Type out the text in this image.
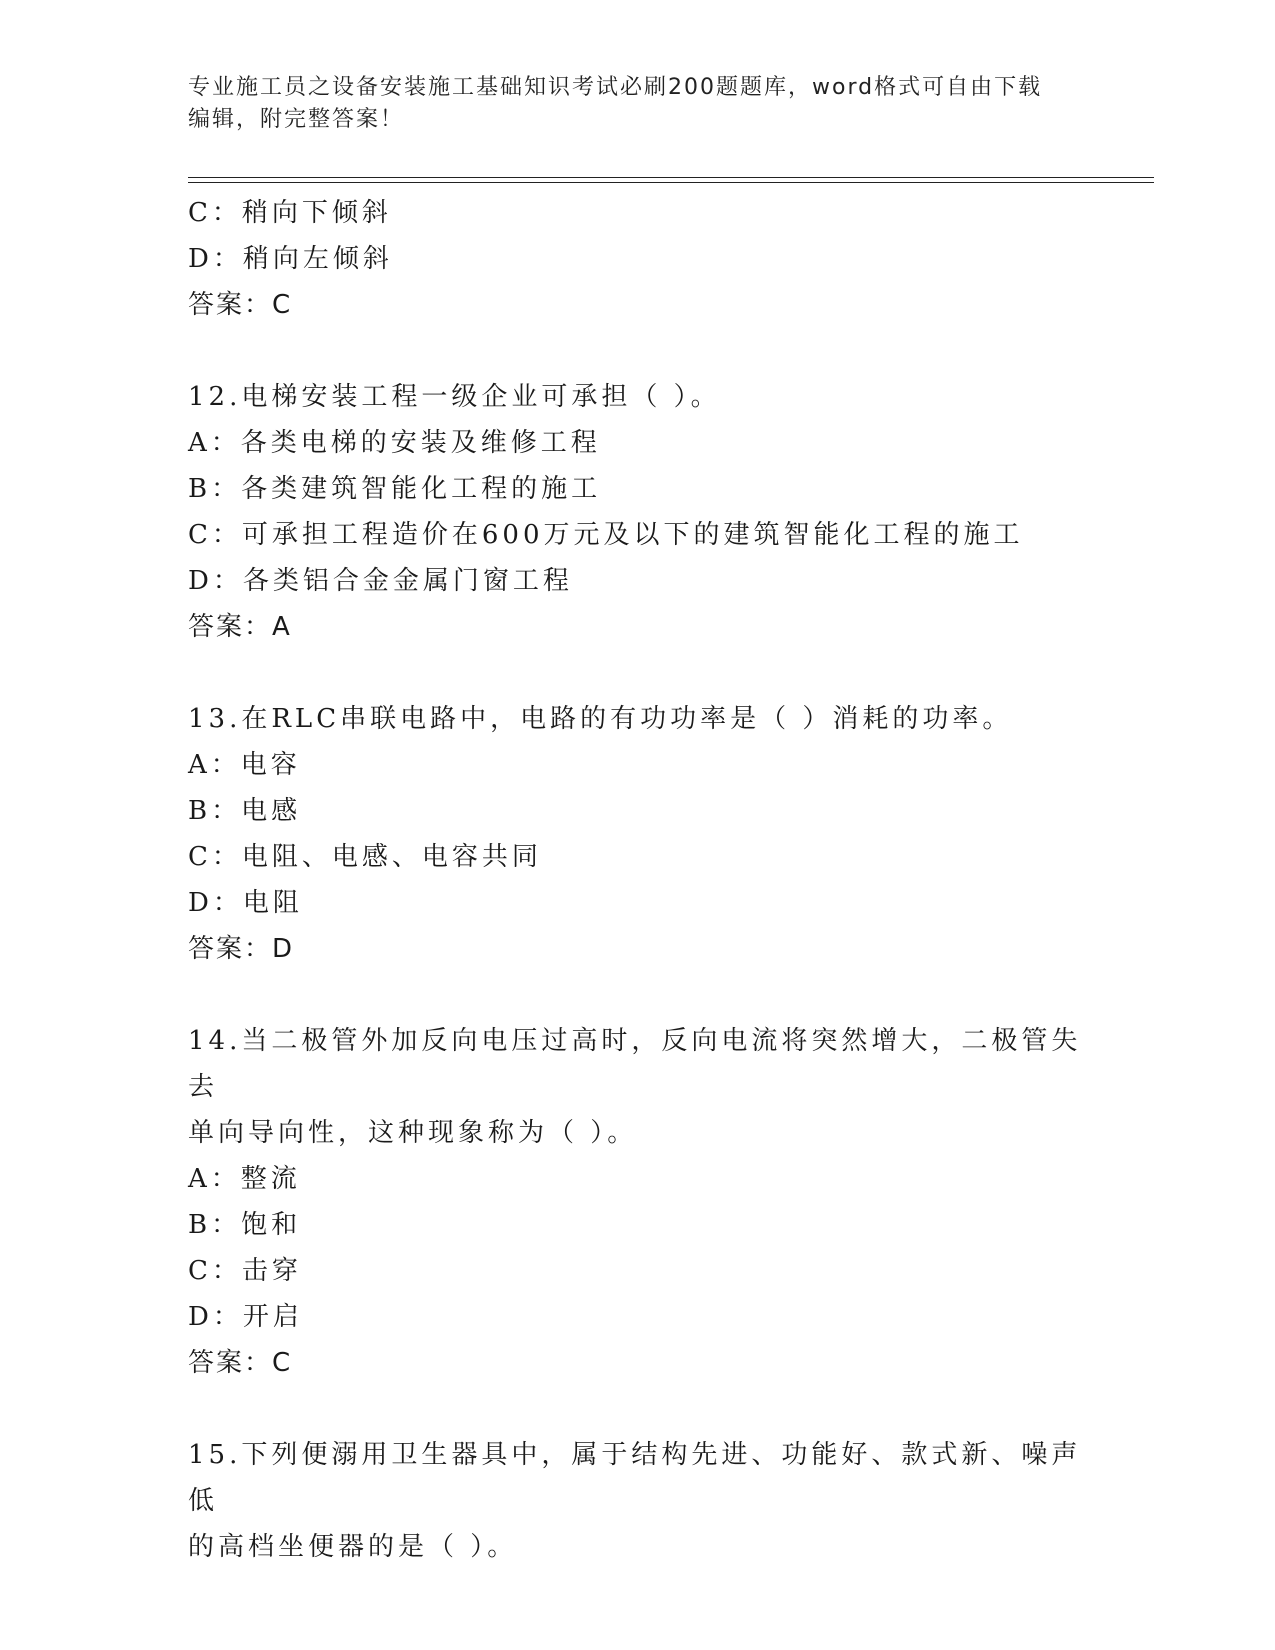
专业施工员之设备安装施工基础知识考试必刷200题题库，word格式可自由下载
编辑，附完整答案！
C：稍向下倾斜
D：稍向左倾斜
答案：C
12.电梯安装工程一级企业可承担（ ）。
A：各类电梯的安装及维修工程
B：各类建筑智能化工程的施工
C：可承担工程造价在600万元及以下的建筑智能化工程的施工
D：各类铝合金金属门窗工程
答案：A
13.在RLC串联电路中，电路的有功功率是（ ）消耗的功率。
A：电容
B：电感
C：电阻、电感、电容共同
D：电阻
答案：D
14.当二极管外加反向电压过高时，反向电流将突然增大，二极管失去
单向导向性，这种现象称为（ ）。
A：整流
B：饱和
C：击穿
D：开启
答案：C
15.下列便溺用卫生器具中，属于结构先进、功能好、款式新、噪声低
的高档坐便器的是（ ）。
